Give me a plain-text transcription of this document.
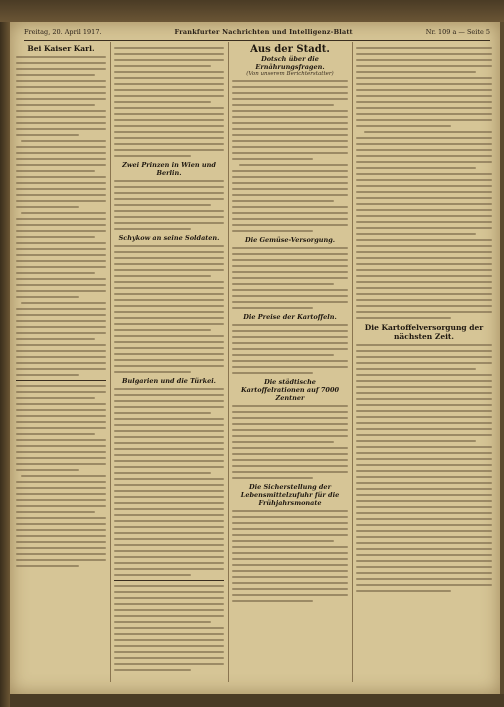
Freitag, 20. April 1917.	Frankfurter Nachrichten und Intelligenz-Blatt	Nr. 109 a — Seite 5
Bei Kaiser Karl.
Zwei Prinzen in Wien und Berlin.
Schykow an seine Soldaten.
Bulgarien und die Türkei.
Aus der Stadt.
Dotsch über die Ernährungsfragen.
(Von unserem Berichterstatter)
Die Gemüse-Versorgung.
Die Preise der Kartoffeln.
Die städtische Kartoffelrationen auf 7000 Zentner
Die Sicherstellung der Lebensmittelzufuhr für die Frühjahrsmonate
Die Kartoffelversorgung der nächsten Zeit.
